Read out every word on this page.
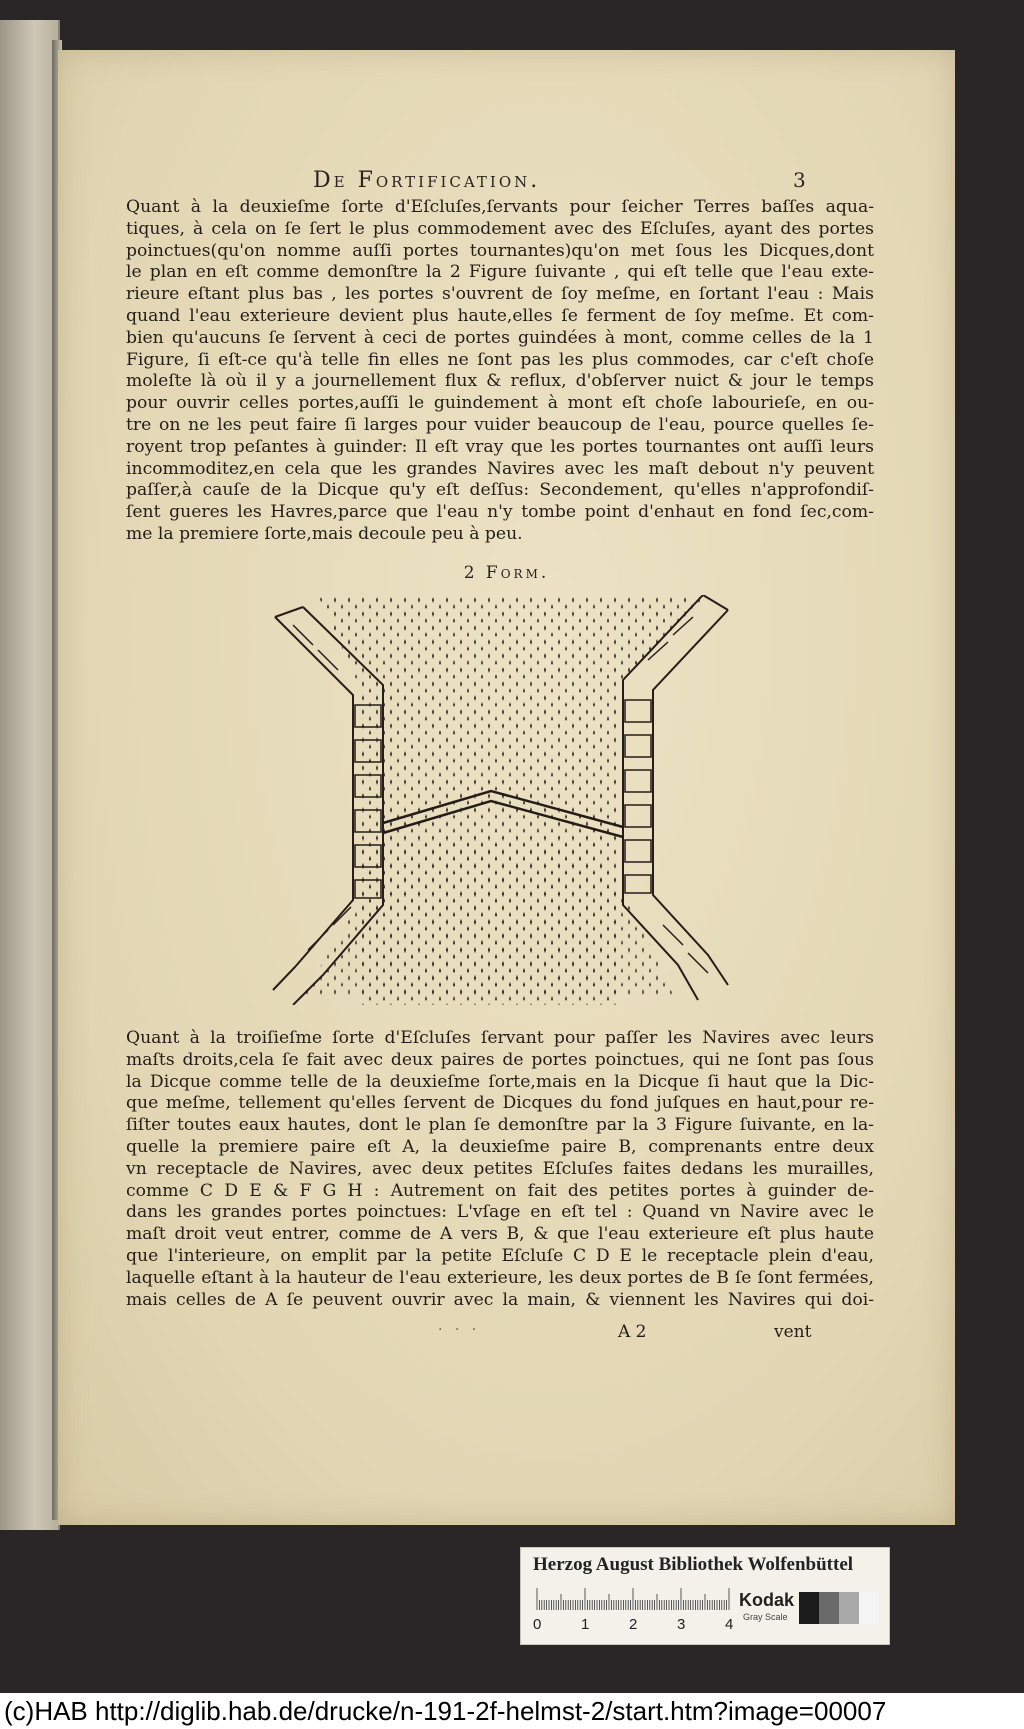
De Fortification.	3
Quant à la deuxieſme ſorte d'Eſcluſes,ſervants pour ſeicher Terres baſſes aqua-
tiques, à cela on ſe ſert le plus commodement avec des Eſcluſes, ayant des portes
poinctues(qu'on nomme auſſi portes tournantes)qu'on met ſous les Dicques,dont
le plan en eſt comme demonſtre la 2 Figure ſuivante , qui eſt telle que l'eau exte-
rieure eſtant plus bas , les portes s'ouvrent de ſoy meſme, en ſortant l'eau : Mais
quand l'eau exterieure devient plus haute,elles ſe ferment de ſoy meſme. Et com-
bien qu'aucuns ſe ſervent à ceci de portes guindées à mont, comme celles de la 1
Figure, ſi eſt-ce qu'à telle fin elles ne ſont pas les plus commodes, car c'eſt choſe
moleſte là où il y a journellement flux & reflux, d'obſerver nuict & jour le temps
pour ouvrir celles portes,auſſi le guindement à mont eſt choſe labourieſe, en ou-
tre on ne les peut faire ſi larges pour vuider beaucoup de l'eau, pource quelles ſe-
royent trop peſantes à guinder: Il eſt vray que les portes tournantes ont auſſi leurs
incommoditez,en cela que les grandes Navires avec les maſt debout n'y peuvent
paſſer,à cauſe de la Dicque qu'y eſt deſſus: Secondement, qu'elles n'approfondiſ-
ſent gueres les Havres,parce que l'eau n'y tombe point d'enhaut en fond ſec,com-
me la premiere ſorte,mais decoule peu à peu.
2 Form.
Quant à la troiſieſme ſorte d'Eſcluſes ſervant pour paſſer les Navires avec leurs
maſts droits,cela ſe fait avec deux paires de portes poinctues, qui ne ſont pas ſous
la Dicque comme telle de la deuxieſme ſorte,mais en la Dicque ſi haut que la Dic-
que meſme, tellement qu'elles ſervent de Dicques du fond juſques en haut,pour re-
ſiſter toutes eaux hautes, dont le plan ſe demonſtre par la 3 Figure ſuivante, en la-
quelle la premiere paire eſt A, la deuxieſme paire B, comprenants entre deux
vn receptacle de Navires, avec deux petites Eſcluſes faites dedans les murailles,
comme C D E & F G H : Autrement on fait des petites portes à guinder de-
dans les grandes portes poinctues: L'vſage en eſt tel : Quand vn Navire avec le
maſt droit veut entrer, comme de A vers B, & que l'eau exterieure eſt plus haute
que l'interieure, on emplit par la petite Eſcluſe C D E le receptacle plein d'eau,
laquelle eſtant à la hauteur de l'eau exterieure, les deux portes de B ſe ſont fermées,
mais celles de A ſe peuvent ouvrir avec la main, & viennent les Navires qui doi-
· · ·	A 2	vent
Herzog August Bibliothek Wolfenbüttel
0	1	2	3	4
Kodak
Gray Scale
(c)HAB http://diglib.hab.de/drucke/n-191-2f-helmst-2/start.htm?image=00007
